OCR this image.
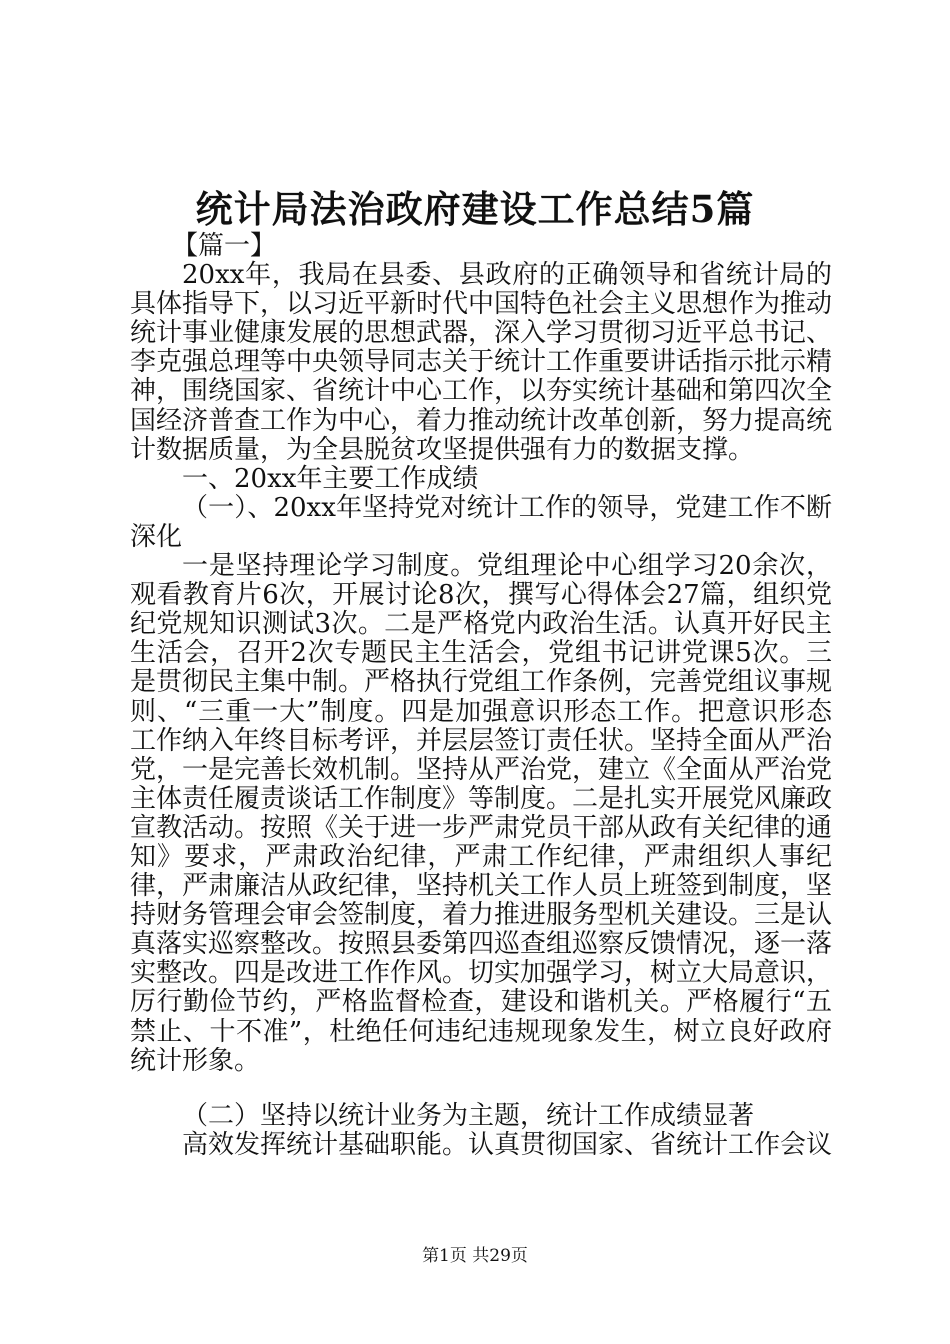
统计局法治政府建设工作总结5篇

【篇一】

20xx年，我局在县委、县政府的正确领导和省统计局的具体指导下，以习近平新时代中国特色社会主义思想作为推动统计事业健康发展的思想武器，深入学习贯彻习近平总书记、李克强总理等中央领导同志关于统计工作重要讲话指示批示精神，围绕国家、省统计中心工作，以夯实统计基础和第四次全国经济普查工作为中心，着力推动统计改革创新，努力提高统计数据质量，为全县脱贫攻坚提供强有力的数据支撑。

一、20xx年主要工作成绩

（一）、20xx年坚持党对统计工作的领导，党建工作不断深化

一是坚持理论学习制度。党组理论中心组学习20余次，观看教育片6次，开展讨论8次，撰写心得体会27篇，组织党纪党规知识测试3次。二是严格党内政治生活。认真开好民主生活会，召开2次专题民主生活会，党组书记讲党课5次。三是贯彻民主集中制。严格执行党组工作条例，完善党组议事规则、“三重一大”制度。四是加强意识形态工作。把意识形态工作纳入年终目标考评，并层层签订责任状。坚持全面从严治党，一是完善长效机制。坚持从严治党，建立《全面从严治党主体责任履责谈话工作制度》等制度。二是扎实开展党风廉政宣教活动。按照《关于进一步严肃党员干部从政有关纪律的通知》要求，严肃政治纪律，严肃工作纪律，严肃组织人事纪律，严肃廉洁从政纪律，坚持机关工作人员上班签到制度，坚持财务管理会审会签制度，着力推进服务型机关建设。三是认真落实巡察整改。按照县委第四巡查组巡察反馈情况，逐一落实整改。四是改进工作作风。切实加强学习，树立大局意识，厉行勤俭节约，严格监督检查，建设和谐机关。严格履行“五禁止、十不准”，杜绝任何违纪违规现象发生，树立良好政府统计形象。

（二）坚持以统计业务为主题，统计工作成绩显著

高效发挥统计基础职能。认真贯彻国家、省统计工作会议

第1页 共29页
